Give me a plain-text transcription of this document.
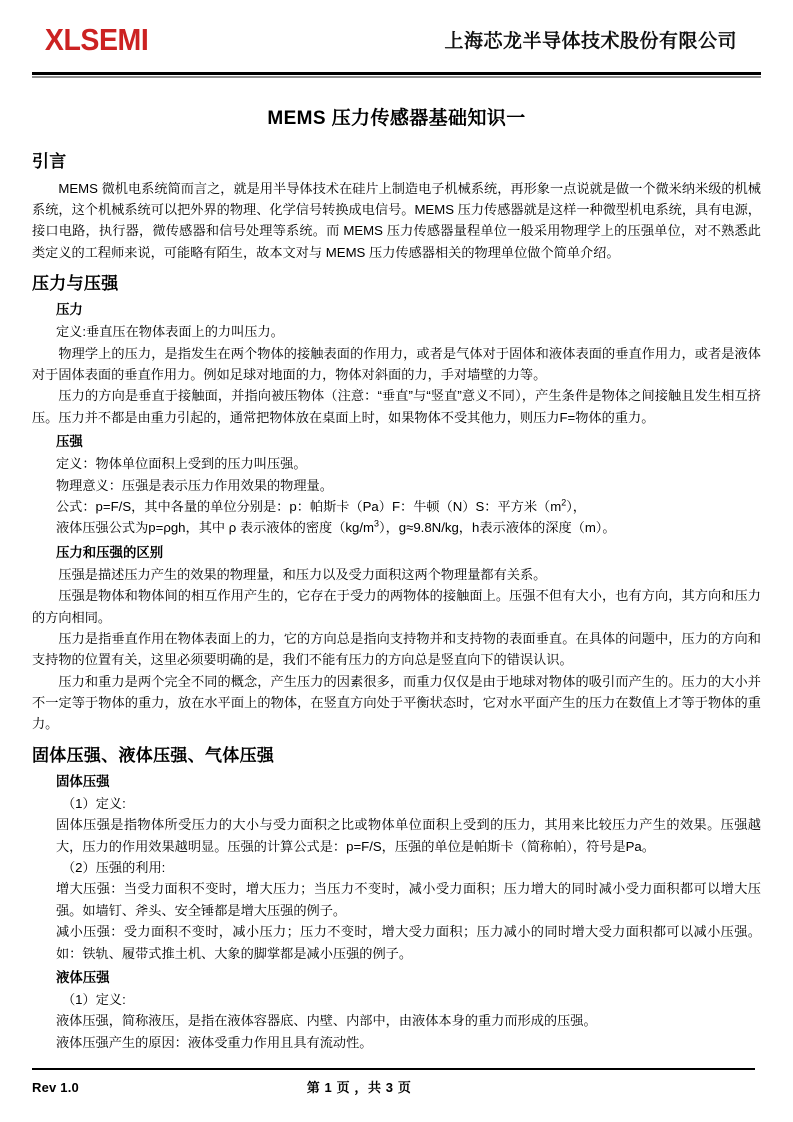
XLSEMI	上海芯龙半导体技术股份有限公司
MEMS 压力传感器基础知识一
引言

MEMS 微机电系统简而言之，就是用半导体技术在硅片上制造电子机械系统，再形象一点说就是做一个微米纳米级的机械系统，这个机械系统可以把外界的物理、化学信号转换成电信号。MEMS 压力传感器就是这样一种微型机电系统，具有电源，接口电路，执行器，微传感器和信号处理等系统。而 MEMS 压力传感器量程单位一般采用物理学上的压强单位，对不熟悉此类定义的工程师来说，可能略有陌生，故本文对与 MEMS 压力传感器相关的物理单位做个简单介绍。

压力与压强
压力

定义:垂直压在物体表面上的力叫压力。

物理学上的压力，是指发生在两个物体的接触表面的作用力，或者是气体对于固体和液体表面的垂直作用力，或者是液体对于固体表面的垂直作用力。例如足球对地面的力，物体对斜面的力，手对墙壁的力等。

压力的方向是垂直于接触面，并指向被压物体（注意：“垂直”与“竖直”意义不同），产生条件是物体之间接触且发生相互挤压。压力并不都是由重力引起的，通常把物体放在桌面上时，如果物体不受其他力，则压力F=物体的重力。

压强

定义：物体单位面积上受到的压力叫压强。

物理意义：压强是表示压力作用效果的物理量。

公式：p=F/S，其中各量的单位分别是：p：帕斯卡（Pa）F：牛顿（N）S：平方米$(m^2)$，

液体压强公式为p=ρgh，其中 ρ 表示液体的密度$(kg/m^3)$，g≈9.8N/kg，h表示液体的深度（m）。

压力和压强的区别

压强是描述压力产生的效果的物理量，和压力以及受力面积这两个物理量都有关系。

压强是物体和物体间的相互作用产生的，它存在于受力的两物体的接触面上。压强不但有大小，也有方向，其方向和压力的方向相同。

压力是指垂直作用在物体表面上的力，它的方向总是指向支持物并和支持物的表面垂直。在具体的问题中，压力的方向和支持物的位置有关，这里必须要明确的是，我们不能有压力的方向总是竖直向下的错误认识。

压力和重力是两个完全不同的概念，产生压力的因素很多，而重力仅仅是由于地球对物体的吸引而产生的。压力的大小并不一定等于物体的重力，放在水平面上的物体，在竖直方向处于平衡状态时，它对水平面产生的压力在数值上才等于物体的重力。

固体压强、液体压强、气体压强
固体压强

（1）定义:

固体压强是指物体所受压力的大小与受力面积之比或物体单位面积上受到的压力，其用来比较压力产生的效果。压强越大，压力的作用效果越明显。压强的计算公式是：p=F/S，压强的单位是帕斯卡（简称帕），符号是Pa。

（2）压强的利用:

增大压强：当受力面积不变时，增大压力；当压力不变时，减小受力面积；压力增大的同时减小受力面积都可以增大压强。如墙钉、斧头、安全锤都是增大压强的例子。

减小压强：受力面积不变时，减小压力；压力不变时，增大受力面积；压力减小的同时增大受力面积都可以减小压强。如：铁轨、履带式推土机、大象的脚掌都是减小压强的例子。

液体压强

（1）定义:

液体压强，简称液压，是指在液体容器底、内壁、内部中，由液体本身的重力而形成的压强。

液体压强产生的原因：液体受重力作用且具有流动性。

Rev 1.0	第 1 页 ，共 3 页
